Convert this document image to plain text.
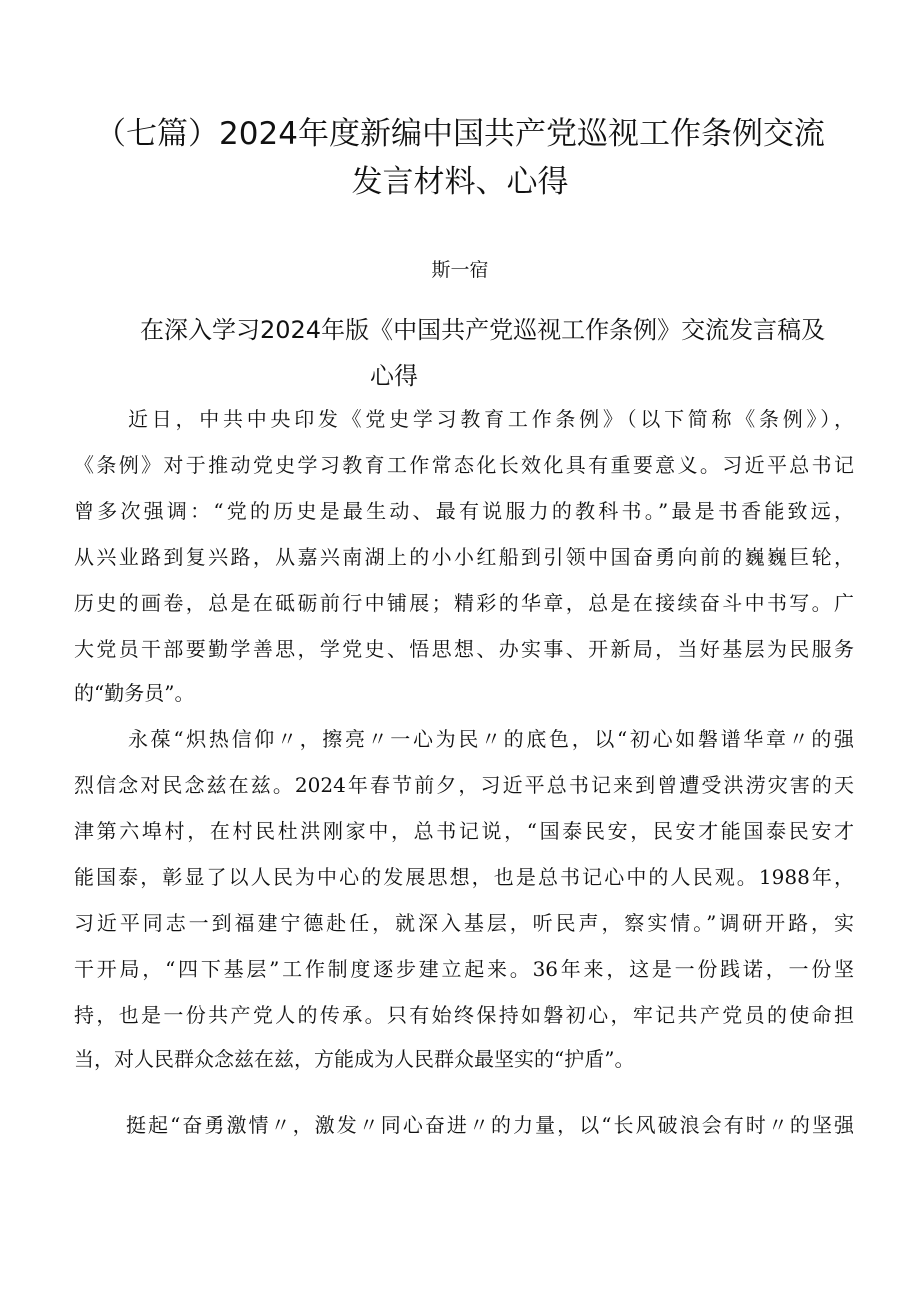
（七篇）2024年度新编中国共产党巡视工作条例交流
发言材料、心得
斯一宿
在深入学习2024年版《中国共产党巡视工作条例》交流发言稿及
心得
近日，中共中央印发《党史学习教育工作条例》（以下简称《条例》），
《条例》对于推动党史学习教育工作常态化长效化具有重要意义。习近平总书记
曾多次强调：“党的历史是最生动、最有说服力的教科书。”最是书香能致远，
从兴业路到复兴路，从嘉兴南湖上的小小红船到引领中国奋勇向前的巍巍巨轮，
历史的画卷，总是在砥砺前行中铺展；精彩的华章，总是在接续奋斗中书写。广
大党员干部要勤学善思，学党史、悟思想、办实事、开新局，当好基层为民服务
的“勤务员”。
永葆“炽热信仰〃，擦亮〃一心为民〃的底色，以“初心如磐谱华章〃的强
烈信念对民念兹在兹。2024年春节前夕，习近平总书记来到曾遭受洪涝灾害的天
津第六埠村，在村民杜洪刚家中，总书记说，“国泰民安，民安才能国泰民安才
能国泰，彰显了以人民为中心的发展思想，也是总书记心中的人民观。1988年，
习近平同志一到福建宁德赴任，就深入基层，听民声，察实情。”调研开路，实
干开局，“四下基层”工作制度逐步建立起来。36年来，这是一份践诺，一份坚
持，也是一份共产党人的传承。只有始终保持如磐初心，牢记共产党员的使命担
当，对人民群众念兹在兹，方能成为人民群众最坚实的“护盾”。
挺起“奋勇激情〃，激发〃同心奋进〃的力量，以“长风破浪会有时〃的坚强
